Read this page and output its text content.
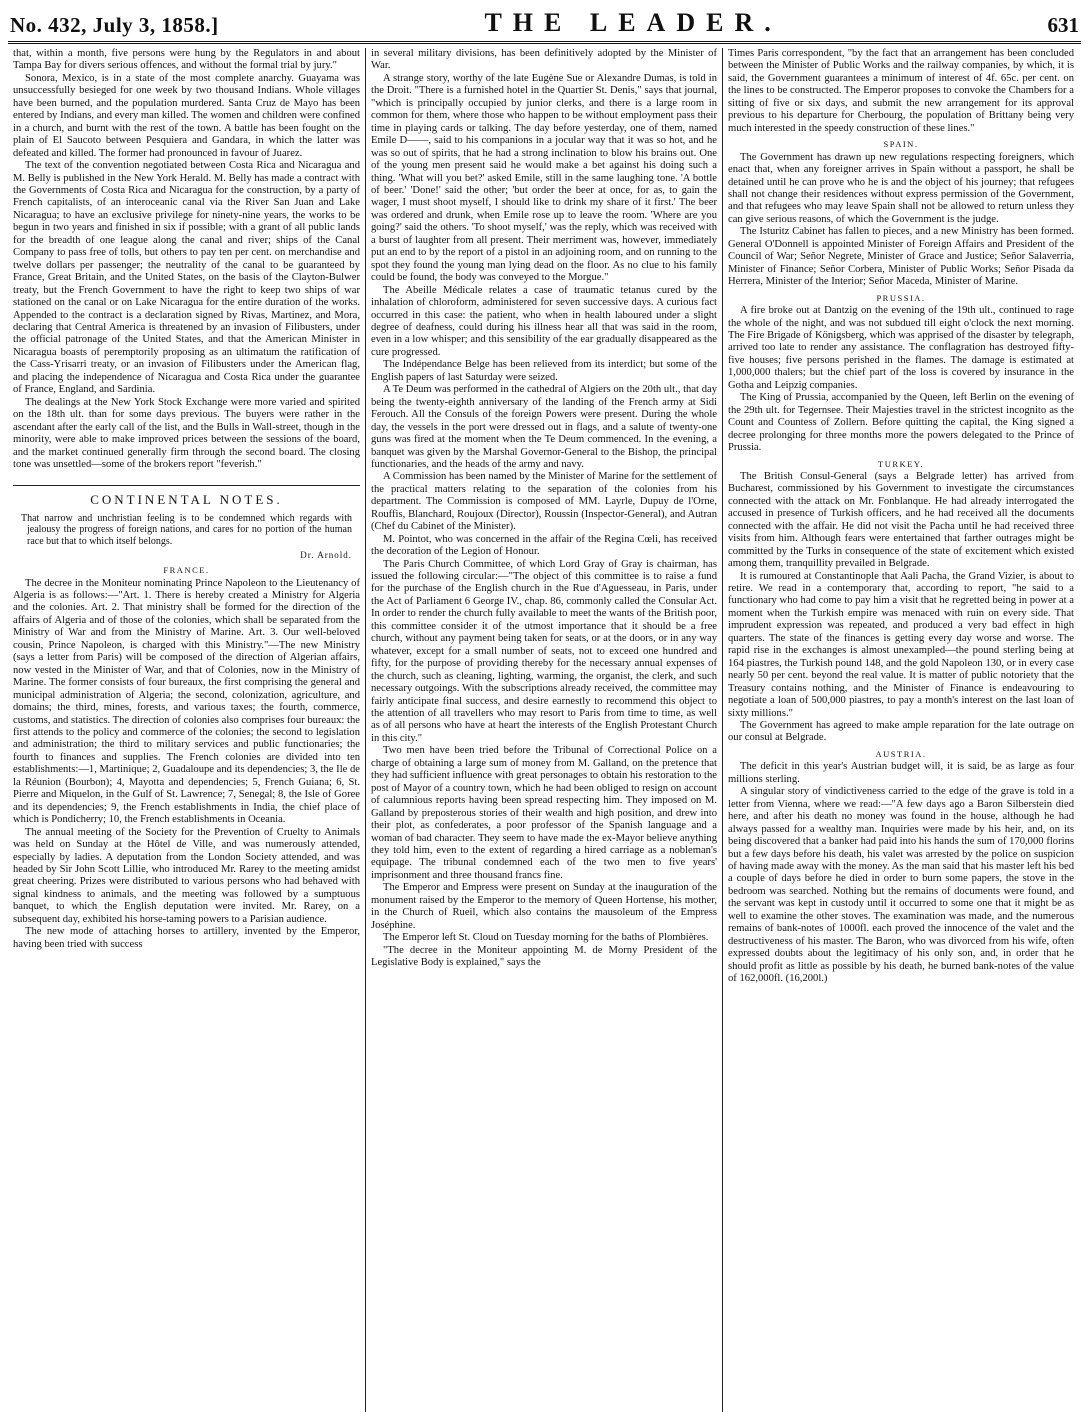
No. 432, July 3, 1858.]	THE LEADER.	631

that, within a month, five persons were hung by the Regulators in and about Tampa Bay for divers serious offences, and without the formal trial by jury."

Sonora, Mexico, is in a state of the most complete anarchy. Guayama was unsuccessfully besieged for one week by two thousand Indians. Whole villages have been burned, and the population murdered. Santa Cruz de Mayo has been entered by Indians, and every man killed. The women and children were confined in a church, and burnt with the rest of the town. A battle has been fought on the plain of El Saucoto between Pesquiera and Gandara, in which the latter was defeated and killed. The former had pronounced in favour of Juarez.

The text of the convention negotiated between Costa Rica and Nicaragua and M. Belly is published in the New York Herald. M. Belly has made a contract with the Governments of Costa Rica and Nicaragua for the construction, by a party of French capitalists, of an interoceanic canal via the River San Juan and Lake Nicaragua; to have an exclusive privilege for ninety-nine years, the works to be begun in two years and finished in six if possible; with a grant of all public lands for the breadth of one league along the canal and river; ships of the Canal Company to pass free of tolls, but others to pay ten per cent. on merchandise and twelve dollars per passenger; the neutrality of the canal to be guaranteed by France, Great Britain, and the United States, on the basis of the Clayton-Bulwer treaty, but the French Government to have the right to keep two ships of war stationed on the canal or on Lake Nicaragua for the entire duration of the works. Appended to the contract is a declaration signed by Rivas, Martinez, and Mora, declaring that Central America is threatened by an invasion of Filibusters, under the official patronage of the United States, and that the American Minister in Nicaragua boasts of peremptorily proposing as an ultimatum the ratification of the Cass-Yrisarri treaty, or an invasion of Filibusters under the American flag, and placing the independence of Nicaragua and Costa Rica under the guarantee of France, England, and Sardinia.

The dealings at the New York Stock Exchange were more varied and spirited on the 18th ult. than for some days previous. The buyers were rather in the ascendant after the early call of the list, and the Bulls in Wall-street, though in the minority, were able to make improved prices between the sessions of the board, and the market continued generally firm through the second board. The closing tone was unsettled—some of the brokers report "feverish."

CONTINENTAL NOTES.
That narrow and unchristian feeling is to be condemned which regards with jealousy the progress of foreign nations, and cares for no portion of the human race but that to which itself belongs.
Dr. Arnold.
FRANCE.

The decree in the Moniteur nominating Prince Napoleon to the Lieutenancy of Algeria is as follows:—"Art. 1. There is hereby created a Ministry for Algeria and the colonies. Art. 2. That ministry shall be formed for the direction of the affairs of Algeria and of those of the colonies, which shall be separated from the Ministry of War and from the Ministry of Marine. Art. 3. Our well-beloved cousin, Prince Napoleon, is charged with this Ministry."—The new Ministry (says a letter from Paris) will be composed of the direction of Algerian affairs, now vested in the Minister of War, and that of Colonies, now in the Ministry of Marine. The former consists of four bureaux, the first comprising the general and municipal administration of Algeria; the second, colonization, agriculture, and domains; the third, mines, forests, and various taxes; the fourth, commerce, customs, and statistics. The direction of colonies also comprises four bureaux: the first attends to the policy and commerce of the colonies; the second to legislation and administration; the third to military services and public functionaries; the fourth to finances and supplies. The French colonies are divided into ten establishments:—1, Martinique; 2, Guadaloupe and its dependencies; 3, the Ile de la Réunion (Bourbon); 4, Mayotta and dependencies; 5, French Guiana; 6, St. Pierre and Miquelon, in the Gulf of St. Lawrence; 7, Senegal; 8, the Isle of Goree and its dependencies; 9, the French establishments in India, the chief place of which is Pondicherry; 10, the French establishments in Oceania.

The annual meeting of the Society for the Prevention of Cruelty to Animals was held on Sunday at the Hôtel de Ville, and was numerously attended, especially by ladies. A deputation from the London Society attended, and was headed by Sir John Scott Lillie, who introduced Mr. Rarey to the meeting amidst great cheering. Prizes were distributed to various persons who had behaved with signal kindness to animals, and the meeting was followed by a sumptuous banquet, to which the English deputation were invited. Mr. Rarey, on a subsequent day, exhibited his horse-taming powers to a Parisian audience.

The new mode of attaching horses to artillery, invented by the Emperor, having been tried with success

in several military divisions, has been definitively adopted by the Minister of War.

A strange story, worthy of the late Eugène Sue or Alexandre Dumas, is told in the Droit. "There is a furnished hotel in the Quartier St. Denis," says that journal, "which is principally occupied by junior clerks, and there is a large room in common for them, where those who happen to be without employment pass their time in playing cards or talking. The day before yesterday, one of them, named Emile D——, said to his companions in a jocular way that it was so hot, and he was so out of spirits, that he had a strong inclination to blow his brains out. One of the young men present said he would make a bet against his doing such a thing. 'What will you bet?' asked Emile, still in the same laughing tone. 'A bottle of beer.' 'Done!' said the other; 'but order the beer at once, for as, to gain the wager, I must shoot myself, I should like to drink my share of it first.' The beer was ordered and drunk, when Emile rose up to leave the room. 'Where are you going?' said the others. 'To shoot myself,' was the reply, which was received with a burst of laughter from all present. Their merriment was, however, immediately put an end to by the report of a pistol in an adjoining room, and on running to the spot they found the young man lying dead on the floor. As no clue to his family could be found, the body was conveyed to the Morgue."

The Abeille Médicale relates a case of traumatic tetanus cured by the inhalation of chloroform, administered for seven successive days. A curious fact occurred in this case: the patient, who when in health laboured under a slight degree of deafness, could during his illness hear all that was said in the room, even in a low whisper; and this sensibility of the ear gradually disappeared as the cure progressed.

The Indépendance Belge has been relieved from its interdict; but some of the English papers of last Saturday were seized.

A Te Deum was performed in the cathedral of Algiers on the 20th ult., that day being the twenty-eighth anniversary of the landing of the French army at Sidi Ferouch. All the Consuls of the foreign Powers were present. During the whole day, the vessels in the port were dressed out in flags, and a salute of twenty-one guns was fired at the moment when the Te Deum commenced. In the evening, a banquet was given by the Marshal Governor-General to the Bishop, the principal functionaries, and the heads of the army and navy.

A Commission has been named by the Minister of Marine for the settlement of the practical matters relating to the separation of the colonies from his department. The Commission is composed of MM. Layrle, Dupuy de l'Orne, Rouffis, Blanchard, Roujoux (Director), Roussin (Inspector-General), and Autran (Chef du Cabinet of the Minister).

M. Pointot, who was concerned in the affair of the Regina Cœli, has received the decoration of the Legion of Honour.

The Paris Church Committee, of which Lord Gray of Gray is chairman, has issued the following circular:—"The object of this committee is to raise a fund for the purchase of the English church in the Rue d'Aguesseau, in Paris, under the Act of Parliament 6 George IV., chap. 86, commonly called the Consular Act. In order to render the church fully available to meet the wants of the British poor, this committee consider it of the utmost importance that it should be a free church, without any payment being taken for seats, or at the doors, or in any way whatever, except for a small number of seats, not to exceed one hundred and fifty, for the purpose of providing thereby for the necessary annual expenses of the church, such as cleaning, lighting, warming, the organist, the clerk, and such necessary outgoings. With the subscriptions already received, the committee may fairly anticipate final success, and desire earnestly to recommend this object to the attention of all travellers who may resort to Paris from time to time, as well as of all persons who have at heart the interests of the English Protestant Church in this city."

Two men have been tried before the Tribunal of Correctional Police on a charge of obtaining a large sum of money from M. Galland, on the pretence that they had sufficient influence with great personages to obtain his restoration to the post of Mayor of a country town, which he had been obliged to resign on account of calumnious reports having been spread respecting him. They imposed on M. Galland by preposterous stories of their wealth and high position, and drew into their plot, as confederates, a poor professor of the Spanish language and a woman of bad character. They seem to have made the ex-Mayor believe anything they told him, even to the extent of regarding a hired carriage as a nobleman's equipage. The tribunal condemned each of the two men to five years' imprisonment and three thousand francs fine.

The Emperor and Empress were present on Sunday at the inauguration of the monument raised by the Emperor to the memory of Queen Hortense, his mother, in the Church of Rueil, which also contains the mausoleum of the Empress Joséphine.

The Emperor left St. Cloud on Tuesday morning for the baths of Plombières.

"The decree in the Moniteur appointing M. de Morny President of the Legislative Body is explained," says the

Times Paris correspondent, "by the fact that an arrangement has been concluded between the Minister of Public Works and the railway companies, by which, it is said, the Government guarantees a minimum of interest of 4f. 65c. per cent. on the lines to be constructed. The Emperor proposes to convoke the Chambers for a sitting of five or six days, and submit the new arrangement for its approval previous to his departure for Cherbourg, the population of Brittany being very much interested in the speedy construction of these lines."

SPAIN.

The Government has drawn up new regulations respecting foreigners, which enact that, when any foreigner arrives in Spain without a passport, he shall be detained until he can prove who he is and the object of his journey; that refugees shall not change their residences without express permission of the Government, and that refugees who may leave Spain shall not be allowed to return unless they can give serious reasons, of which the Government is the judge.

The Isturitz Cabinet has fallen to pieces, and a new Ministry has been formed. General O'Donnell is appointed Minister of Foreign Affairs and President of the Council of War; Señor Negrete, Minister of Grace and Justice; Señor Salaverria, Minister of Finance; Señor Corbera, Minister of Public Works; Señor Pisada da Herrera, Minister of the Interior; Señor Maceda, Minister of Marine.

PRUSSIA.

A fire broke out at Dantzig on the evening of the 19th ult., continued to rage the whole of the night, and was not subdued till eight o'clock the next morning. The Fire Brigade of Königsberg, which was apprised of the disaster by telegraph, arrived too late to render any assistance. The conflagration has destroyed fifty-five houses; five persons perished in the flames. The damage is estimated at 1,000,000 thalers; but the chief part of the loss is covered by insurance in the Gotha and Leipzig companies.

The King of Prussia, accompanied by the Queen, left Berlin on the evening of the 29th ult. for Tegernsee. Their Majesties travel in the strictest incognito as the Count and Countess of Zollern. Before quitting the capital, the King signed a decree prolonging for three months more the powers delegated to the Prince of Prussia.

TURKEY.

The British Consul-General (says a Belgrade letter) has arrived from Bucharest, commissioned by his Government to investigate the circumstances connected with the attack on Mr. Fonblanque. He had already interrogated the accused in presence of Turkish officers, and he had received all the documents connected with the affair. He did not visit the Pacha until he had received three visits from him. Although fears were entertained that farther outrages might be committed by the Turks in consequence of the state of excitement which existed among them, tranquillity prevailed in Belgrade.

It is rumoured at Constantinople that Aali Pacha, the Grand Vizier, is about to retire. We read in a contemporary that, according to report, "he said to a functionary who had come to pay him a visit that he regretted being in power at a moment when the Turkish empire was menaced with ruin on every side. That imprudent expression was repeated, and produced a very bad effect in high quarters. The state of the finances is getting every day worse and worse. The rapid rise in the exchanges is almost unexampled—the pound sterling being at 164 piastres, the Turkish pound 148, and the gold Napoleon 130, or in every case nearly 50 per cent. beyond the real value. It is matter of public notoriety that the Treasury contains nothing, and the Minister of Finance is endeavouring to negotiate a loan of 500,000 piastres, to pay a month's interest on the last loan of sixty millions."

The Government has agreed to make ample reparation for the late outrage on our consul at Belgrade.

AUSTRIA.

The deficit in this year's Austrian budget will, it is said, be as large as four millions sterling.

A singular story of vindictiveness carried to the edge of the grave is told in a letter from Vienna, where we read:—"A few days ago a Baron Silberstein died here, and after his death no money was found in the house, although he had always passed for a wealthy man. Inquiries were made by his heir, and, on its being discovered that a banker had paid into his hands the sum of 170,000 florins but a few days before his death, his valet was arrested by the police on suspicion of having made away with the money. As the man said that his master left his bed a couple of days before he died in order to burn some papers, the stove in the bedroom was searched. Nothing but the remains of documents were found, and the servant was kept in custody until it occurred to some one that it might be as well to examine the other stoves. The examination was made, and the numerous remains of bank-notes of 1000fl. each proved the innocence of the valet and the destructiveness of his master. The Baron, who was divorced from his wife, often expressed doubts about the legitimacy of his only son, and, in order that he should profit as little as possible by his death, he burned bank-notes of the value of 162,000fl. (16,200l.)
